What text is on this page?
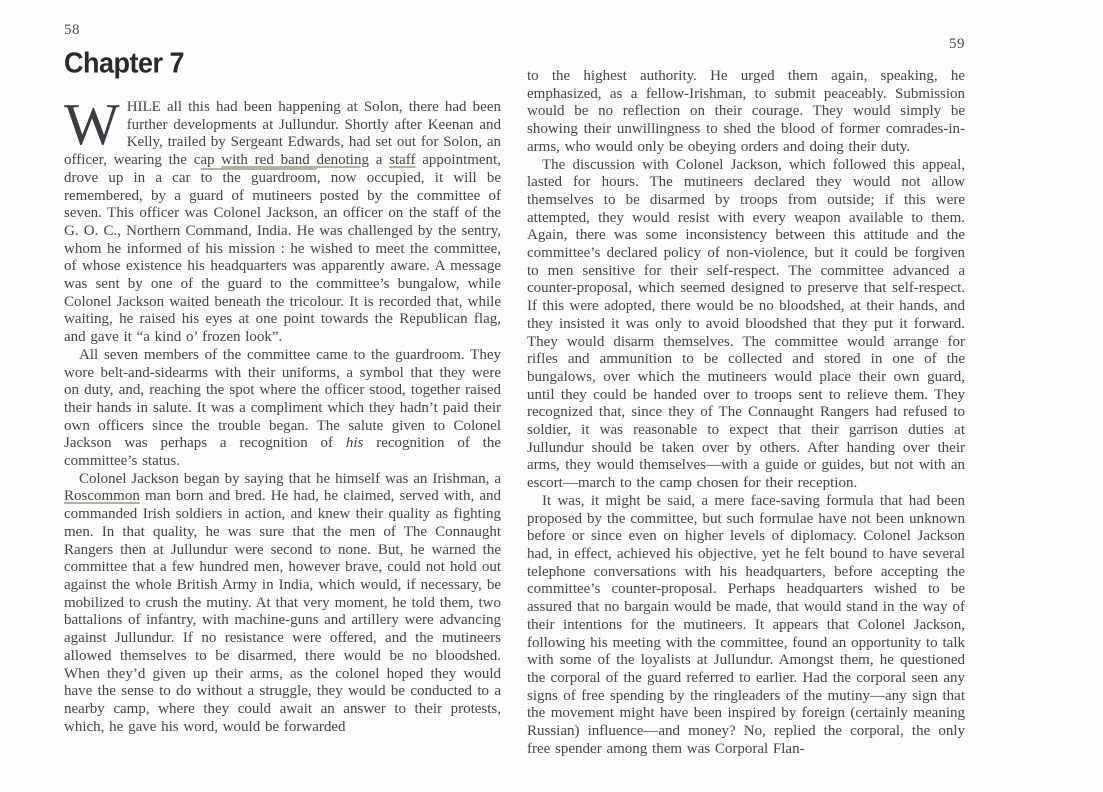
58
Chapter 7

WHILE all this had been happening at Solon, there had been further developments at Jullundur. Shortly after Keenan and Kelly, trailed by Sergeant Edwards, had set out for Solon, an officer, wearing the cap with red band denoting a staff appointment, drove up in a car to the guardroom, now occupied, it will be remembered, by a guard of mutineers posted by the committee of seven. This officer was Colonel Jackson, an officer on the staff of the G. O. C., Northern Command, India. He was challenged by the sentry, whom he informed of his mission : he wished to meet the committee, of whose existence his headquarters was apparently aware. A message was sent by one of the guard to the committee’s bungalow, while Colonel Jackson waited beneath the tricolour. It is recorded that, while waiting, he raised his eyes at one point towards the Republican flag, and gave it “a kind o’ frozen look”.

All seven members of the committee came to the guardroom. They wore belt-and-sidearms with their uniforms, a symbol that they were on duty, and, reaching the spot where the officer stood, together raised their hands in salute. It was a compliment which they hadn’t paid their own officers since the trouble began. The salute given to Colonel Jackson was perhaps a recognition of his recognition of the committee’s status.

Colonel Jackson began by saying that he himself was an Irishman, a Roscommon man born and bred. He had, he claimed, served with, and commanded Irish soldiers in action, and knew their quality as fighting men. In that quality, he was sure that the men of The Connaught Rangers then at Jullundur were second to none. But, he warned the committee that a few hundred men, however brave, could not hold out against the whole British Army in India, which would, if necessary, be mobilized to crush the mutiny. At that very moment, he told them, two battalions of infantry, with machine-guns and artillery were advancing against Jullundur. If no resistance were offered, and the mutineers allowed themselves to be disarmed, there would be no bloodshed. When they’d given up their arms, as the colonel hoped they would have the sense to do without a struggle, they would be conducted to a nearby camp, where they could await an answer to their protests, which, he gave his word, would be forwarded

59

to the highest authority. He urged them again, speaking, he emphasized, as a fellow-Irishman, to submit peaceably. Submission would be no reflection on their courage. They would simply be showing their unwillingness to shed the blood of former comrades-in-arms, who would only be obeying orders and doing their duty.

The discussion with Colonel Jackson, which followed this appeal, lasted for hours. The mutineers declared they would not allow themselves to be disarmed by troops from outside; if this were attempted, they would resist with every weapon available to them. Again, there was some inconsistency between this attitude and the committee’s declared policy of non-violence, but it could be forgiven to men sensitive for their self-respect. The committee advanced a counter-proposal, which seemed designed to preserve that self-respect. If this were adopted, there would be no bloodshed, at their hands, and they insisted it was only to avoid bloodshed that they put it forward. They would disarm themselves. The committee would arrange for rifles and ammunition to be collected and stored in one of the bungalows, over which the mutineers would place their own guard, until they could be handed over to troops sent to relieve them. They recognized that, since they of The Connaught Rangers had refused to soldier, it was reasonable to expect that their garrison duties at Jullundur should be taken over by others. After handing over their arms, they would themselves—with a guide or guides, but not with an escort—march to the camp chosen for their reception.

It was, it might be said, a mere face-saving formula that had been proposed by the committee, but such formulae have not been unknown before or since even on higher levels of diplomacy. Colonel Jackson had, in effect, achieved his objective, yet he felt bound to have several telephone conversations with his headquarters, before accepting the committee’s counter-proposal. Perhaps headquarters wished to be assured that no bargain would be made, that would stand in the way of their intentions for the mutineers. It appears that Colonel Jackson, following his meeting with the committee, found an opportunity to talk with some of the loyalists at Jullundur. Amongst them, he questioned the corporal of the guard referred to earlier. Had the corporal seen any signs of free spending by the ringleaders of the mutiny—any sign that the movement might have been inspired by foreign (certainly meaning Russian) influence—and money? No, replied the corporal, the only free spender among them was Corporal Flan-
